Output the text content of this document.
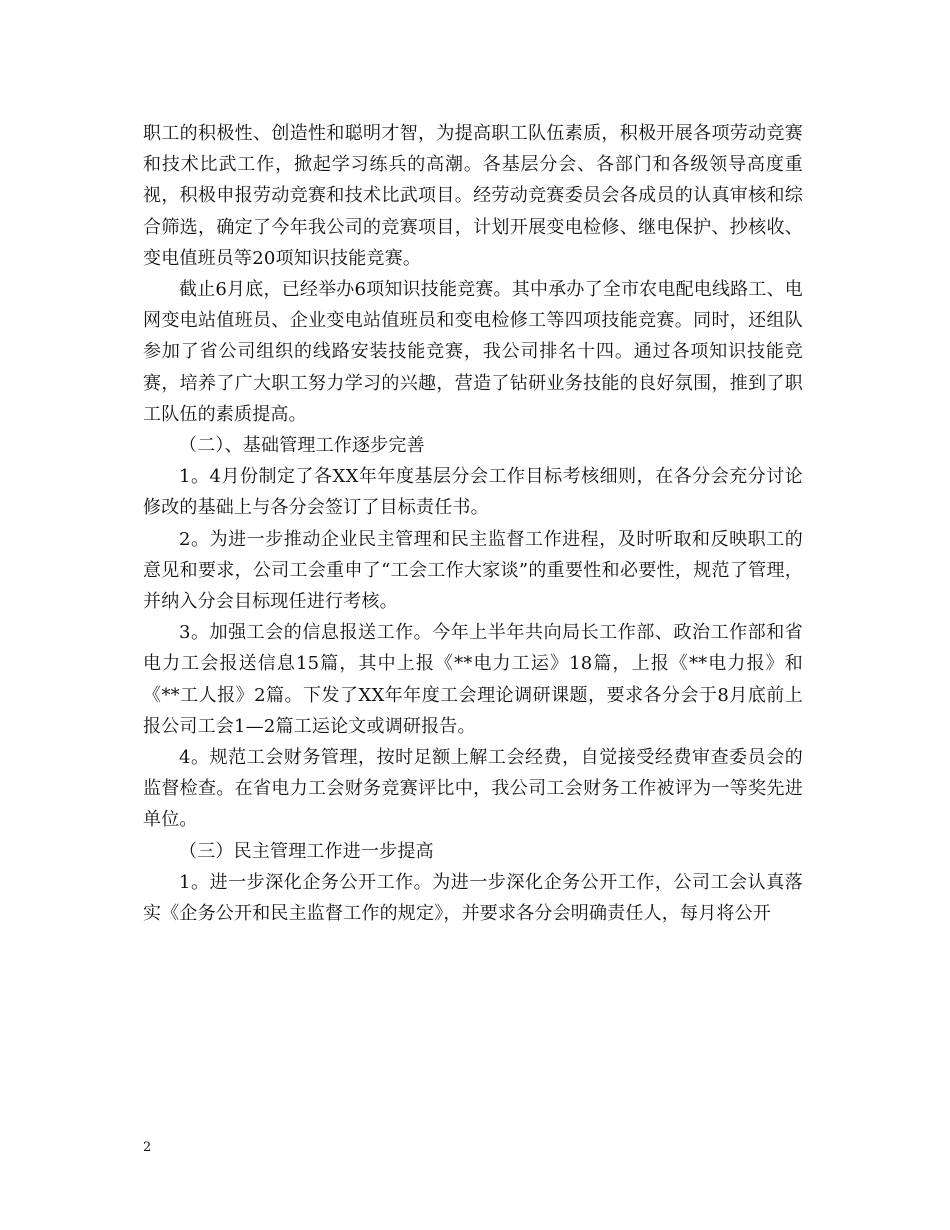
职工的积极性、创造性和聪明才智，为提高职工队伍素质，积极开展各项劳动竞赛和技术比武工作，掀起学习练兵的高潮。各基层分会、各部门和各级领导高度重视，积极申报劳动竞赛和技术比武项目。经劳动竞赛委员会各成员的认真审核和综合筛选，确定了今年我公司的竞赛项目，计划开展变电检修、继电保护、抄核收、变电值班员等20项知识技能竞赛。

截止6月底，已经举办6项知识技能竞赛。其中承办了全市农电配电线路工、电网变电站值班员、企业变电站值班员和变电检修工等四项技能竞赛。同时，还组队参加了省公司组织的线路安装技能竞赛，我公司排名十四。通过各项知识技能竞赛，培养了广大职工努力学习的兴趣，营造了钻研业务技能的良好氛围，推到了职工队伍的素质提高。

（二）、基础管理工作逐步完善

1。4月份制定了各XX年年度基层分会工作目标考核细则，在各分会充分讨论修改的基础上与各分会签订了目标责任书。

2。为进一步推动企业民主管理和民主监督工作进程，及时听取和反映职工的意见和要求，公司工会重申了“工会工作大家谈”的重要性和必要性，规范了管理，并纳入分会目标现任进行考核。

3。加强工会的信息报送工作。今年上半年共向局长工作部、政治工作部和省电力工会报送信息15篇，其中上报《**电力工运》18篇，上报《**电力报》和《**工人报》2篇。下发了XX年年度工会理论调研课题，要求各分会于8月底前上报公司工会1—2篇工运论文或调研报告。

4。规范工会财务管理，按时足额上解工会经费，自觉接受经费审查委员会的监督检查。在省电力工会财务竞赛评比中，我公司工会财务工作被评为一等奖先进单位。

（三）民主管理工作进一步提高

1。进一步深化企务公开工作。为进一步深化企务公开工作，公司工会认真落实《企务公开和民主监督工作的规定》，并要求各分会明确责任人，每月将公开

2
